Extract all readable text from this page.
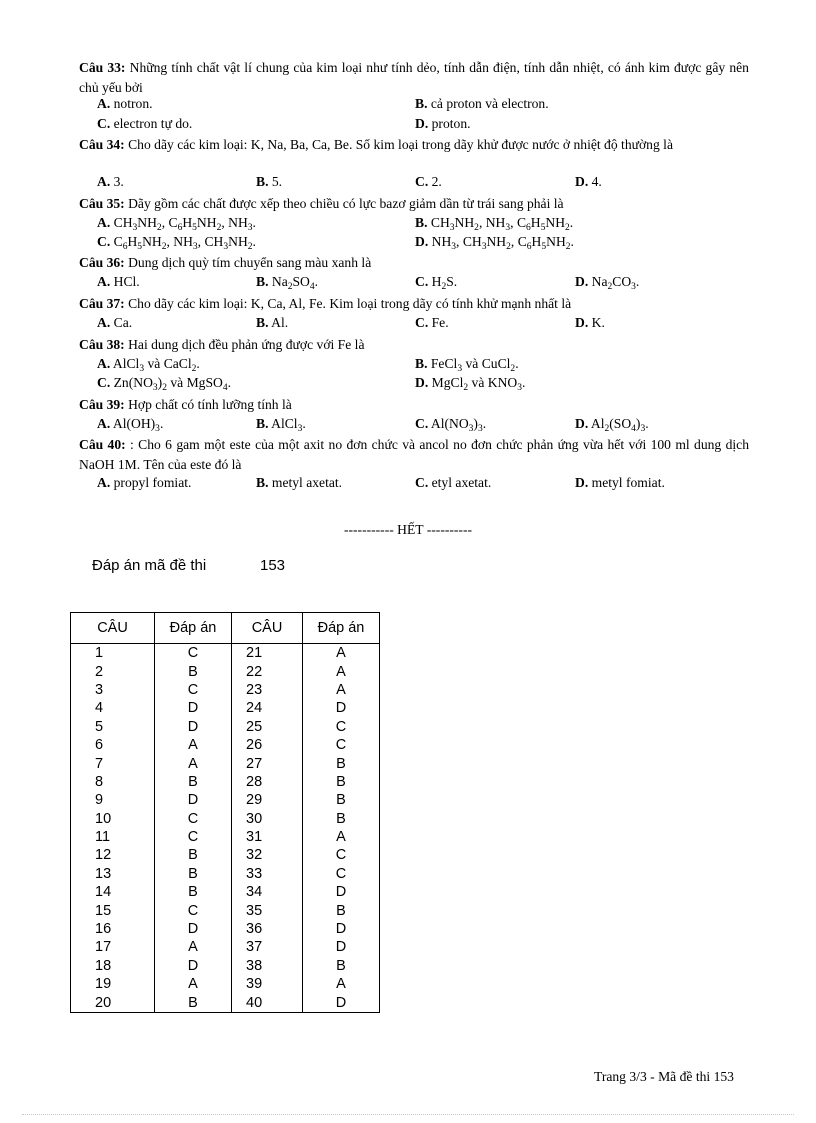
Câu 33: Những tính chất vật lí chung của kim loại như tính dẻo, tính dẫn điện, tính dẫn nhiệt, có ánh kim được gây nên chủ yếu bởi
A. notron.	B. cả proton và electron.
C. electron tự do.	D. proton.
Câu 34: Cho dãy các kim loại: K, Na, Ba, Ca, Be. Số kim loại trong dãy khử được nước ở nhiệt độ thường là
A. 3.	B. 5.	C. 2.	D. 4.
Câu 35: Dãy gồm các chất được xếp theo chiều có lực bazơ giảm dần từ trái sang phải là
A. $CH_3NH_2$, $C_6H_5NH_2$, $NH_3$.	B. $CH_3NH_2$, $NH_3$, $C_6H_5NH_2$.
C. $C_6H_5NH_2$, $NH_3$, $CH_3NH_2$.	D. $NH_3$, $CH_3NH_2$, $C_6H_5NH_2$.
Câu 36: Dung dịch quỳ tím chuyển sang màu xanh là
A. HCl.	B. $Na_2SO_4$.	C. $H_2S$.	D. $Na_2CO_3$.
Câu 37: Cho dãy các kim loại: K, Ca, Al, Fe. Kim loại trong dãy có tính khử mạnh nhất là
A. Ca.	B. Al.	C. Fe.	D. K.
Câu 38: Hai dung dịch đều phản ứng được với Fe là
A. AlCl$_3$ và CaCl$_2$.	B. FeCl$_3$ và CuCl$_2$.
C. $Zn(NO_3)_2$ và MgSO$_4$.	D. MgCl$_2$ và $KNO_3$.
Câu 39: Hợp chất có tính lưỡng tính là
A. $Al(OH)_3$.	B. AlCl$_3$.	C. $Al(NO_3)_3$.	D. $Al_2(SO_4)_3$.
Câu 40: : Cho 6 gam một este của một axit no đơn chức và ancol no đơn chức phản ứng vừa hết với 100 ml dung dịch NaOH 1M. Tên của este đó là
A. propyl fomiat.	B. metyl axetat.	C. etyl axetat.	D. metyl fomiat.
----------- HẾT ----------
Đáp án mã đề thi	153
CÂU	Đáp án	CÂU	Đáp án
1	C	21	A
2	B	22	A
3	C	23	A
4	D	24	D
5	D	25	C
6	A	26	C
7	A	27	B
8	B	28	B
9	D	29	B
10	C	30	B
11	C	31	A
12	B	32	C
13	B	33	C
14	B	34	D
15	C	35	B
16	D	36	D
17	A	37	D
18	D	38	B
19	A	39	A
20	B	40	D
Trang 3/3 - Mã đề thi 153
